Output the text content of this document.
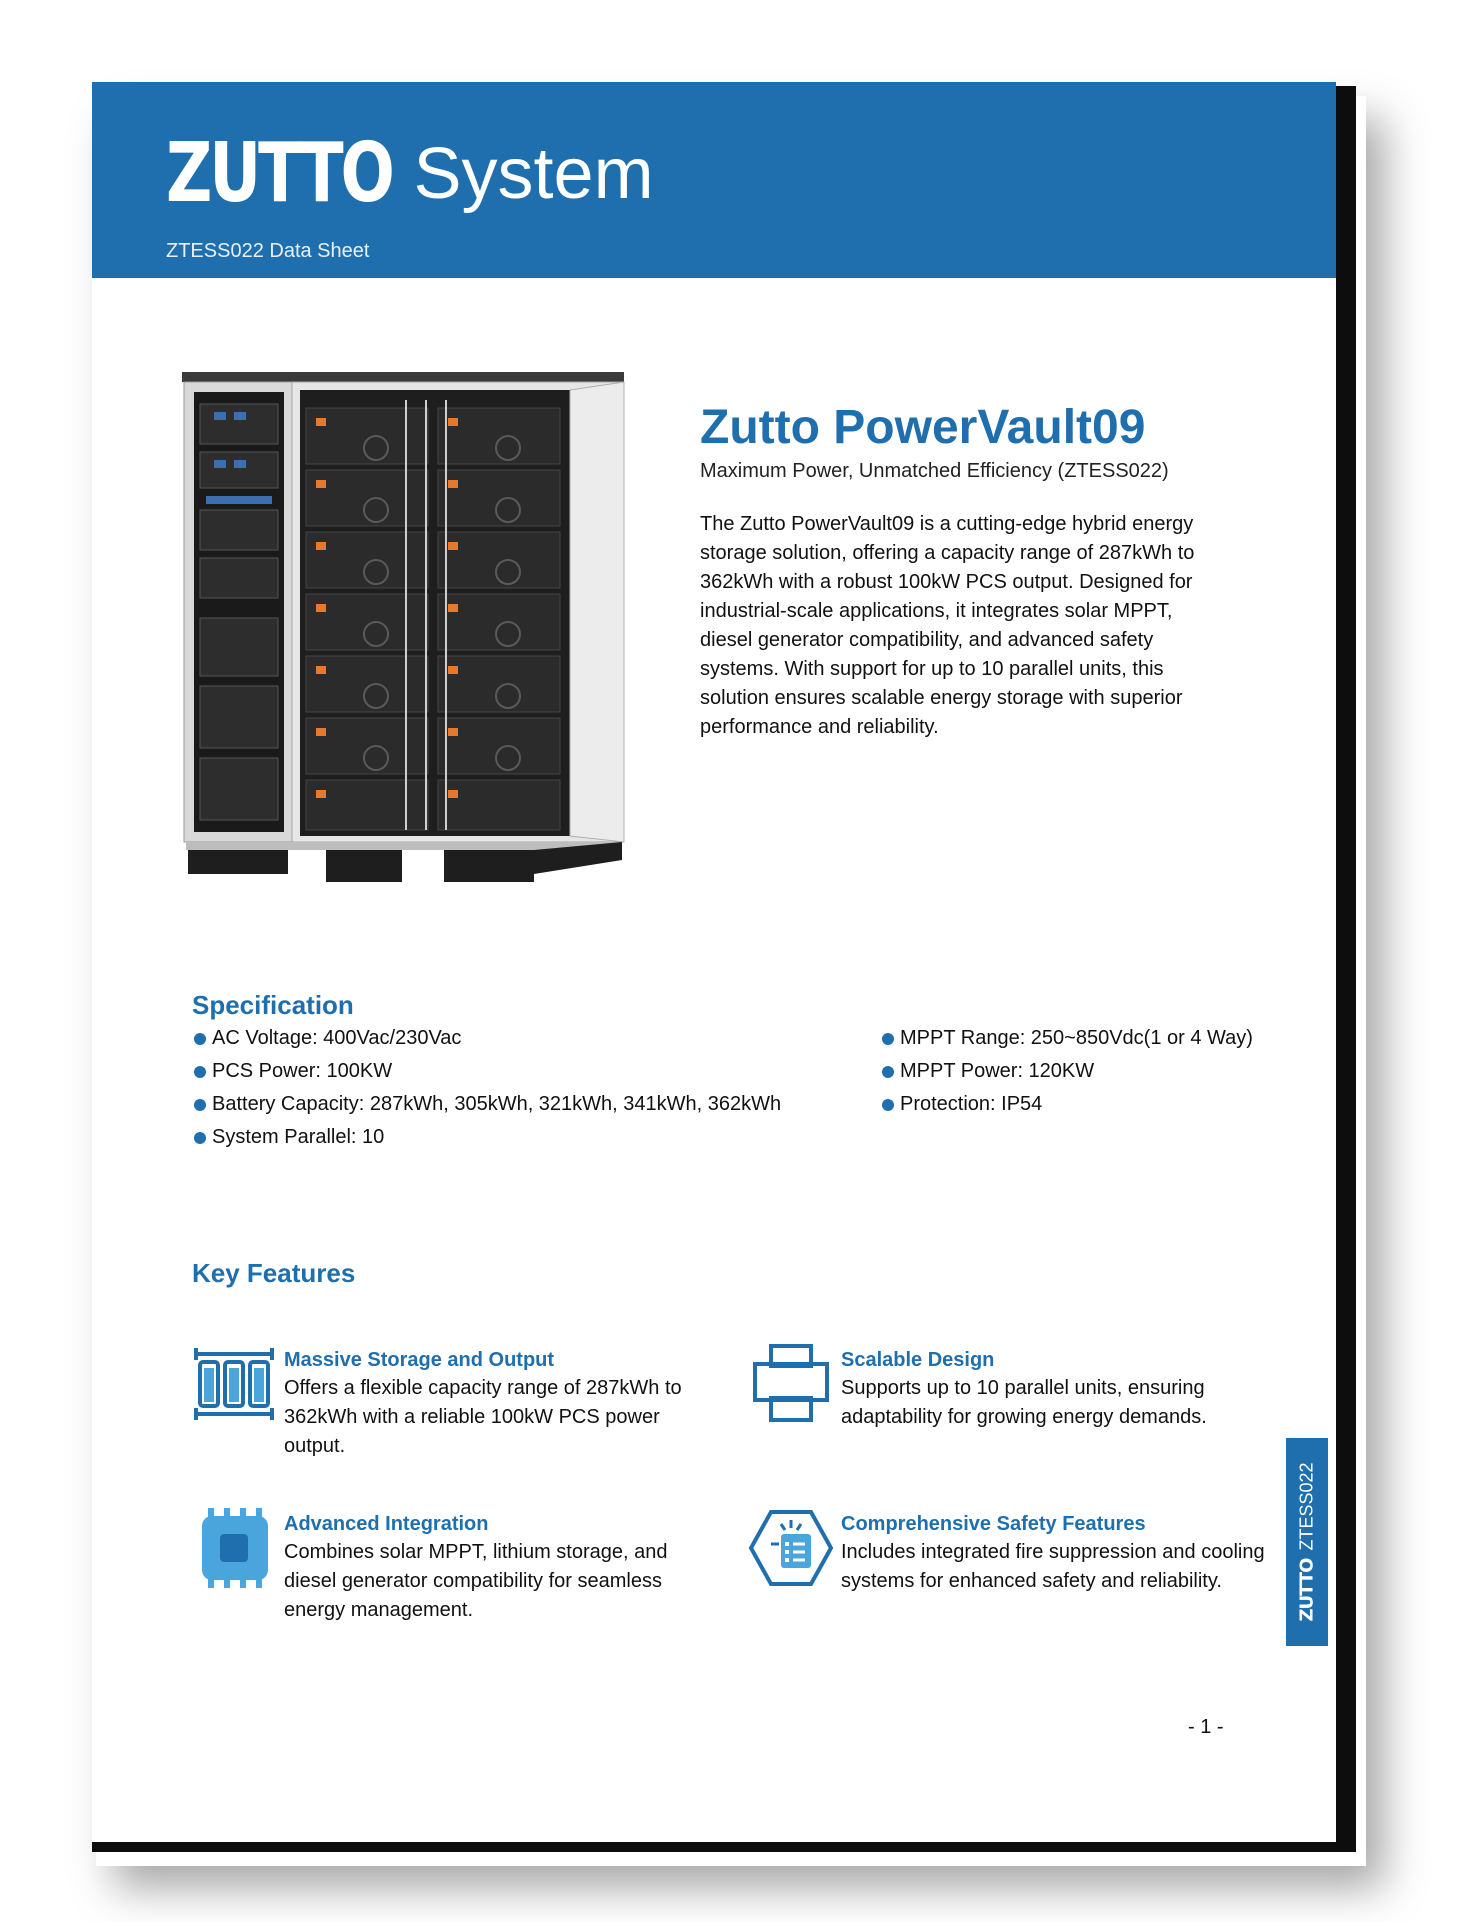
ZUTTO System
ZTESS022 Data Sheet
Zutto PowerVault09
Maximum Power, Unmatched Efficiency (ZTESS022)
The Zutto PowerVault09 is a cutting-edge hybrid energy storage solution, offering a capacity range of 287kWh to 362kWh with a robust 100kW PCS output. Designed for industrial-scale applications, it integrates solar MPPT, diesel generator compatibility, and advanced safety systems. With support for up to 10 parallel units, this solution ensures scalable energy storage with superior performance and reliability.
Specification
AC Voltage: 400Vac/230Vac
PCS Power: 100KW
Battery Capacity: 287kWh, 305kWh, 321kWh, 341kWh, 362kWh
System Parallel: 10
MPPT Range: 250~850Vdc(1 or 4 Way)
MPPT Power: 120KW
Protection: IP54
Key Features
Massive Storage and Output
Offers a flexible capacity range of 287kWh to 362kWh with a reliable 100kW PCS power output.
Scalable Design
Supports up to 10 parallel units, ensuring adaptability for growing energy demands.
Advanced Integration
Combines solar MPPT, lithium storage, and diesel generator compatibility for seamless energy management.
Comprehensive Safety Features
Includes integrated fire suppression and cooling systems for enhanced safety and reliability.	ZUTTOZTESS022
- 1 -
